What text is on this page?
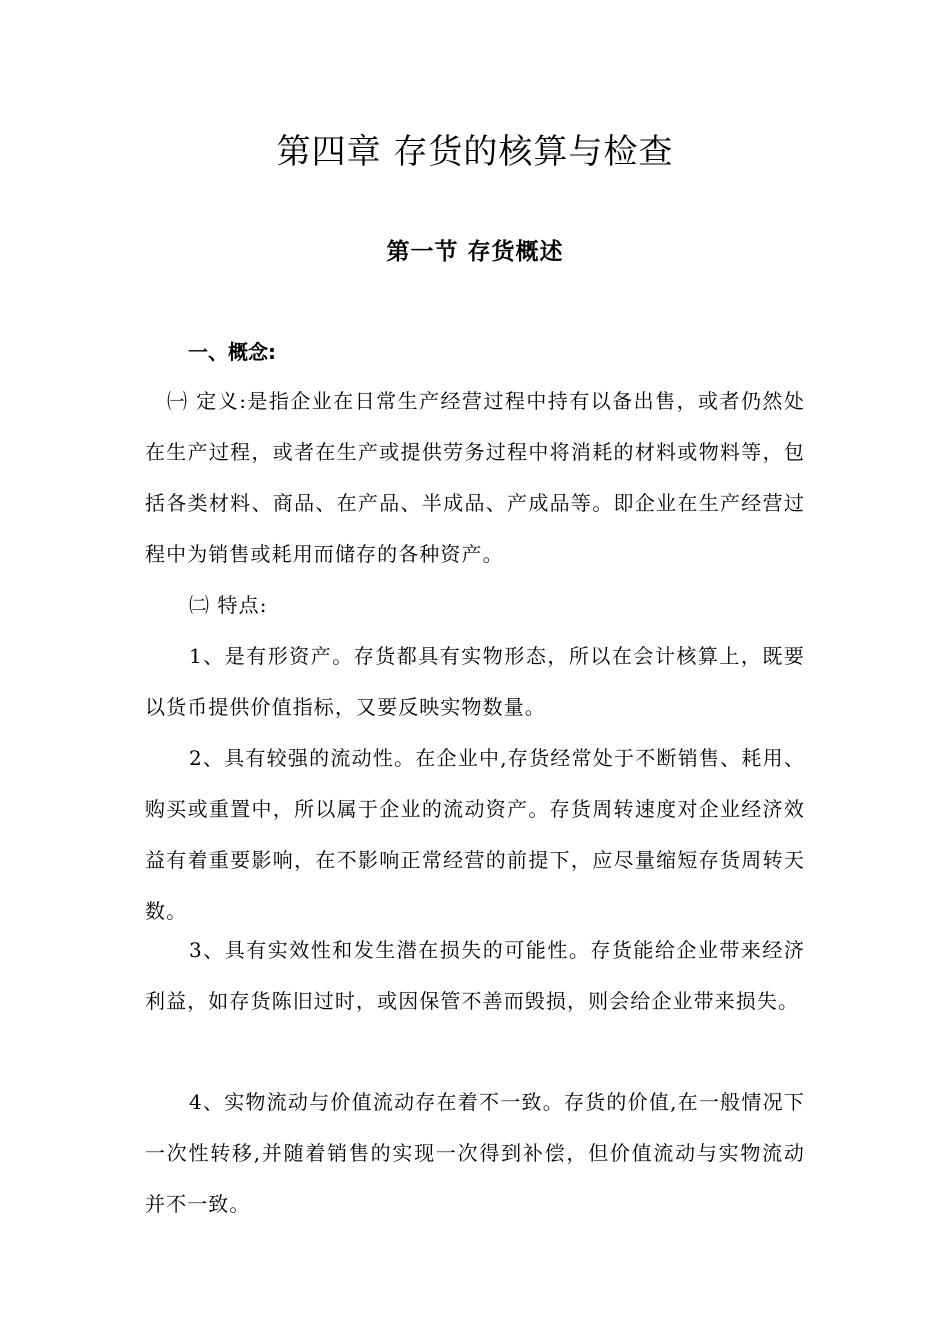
第四章 存货的核算与检查
第一节 存货概述
一、概念:

㈠ 定义:是指企业在日常生产经营过程中持有以备出售，或者仍然处在生产过程，或者在生产或提供劳务过程中将消耗的材料或物料等，包括各类材料、商品、在产品、半成品、产成品等。即企业在生产经营过程中为销售或耗用而储存的各种资产。

㈡ 特点:

1、是有形资产。存货都具有实物形态，所以在会计核算上，既要以货币提供价值指标，又要反映实物数量。

2、具有较强的流动性。在企业中,存货经常处于不断销售、耗用、购买或重置中，所以属于企业的流动资产。存货周转速度对企业经济效益有着重要影响，在不影响正常经营的前提下，应尽量缩短存货周转天数。

3、具有实效性和发生潜在损失的可能性。存货能给企业带来经济利益，如存货陈旧过时，或因保管不善而毁损，则会给企业带来损失。

4、实物流动与价值流动存在着不一致。存货的价值,在一般情况下一次性转移,并随着销售的实现一次得到补偿，但价值流动与实物流动并不一致。
